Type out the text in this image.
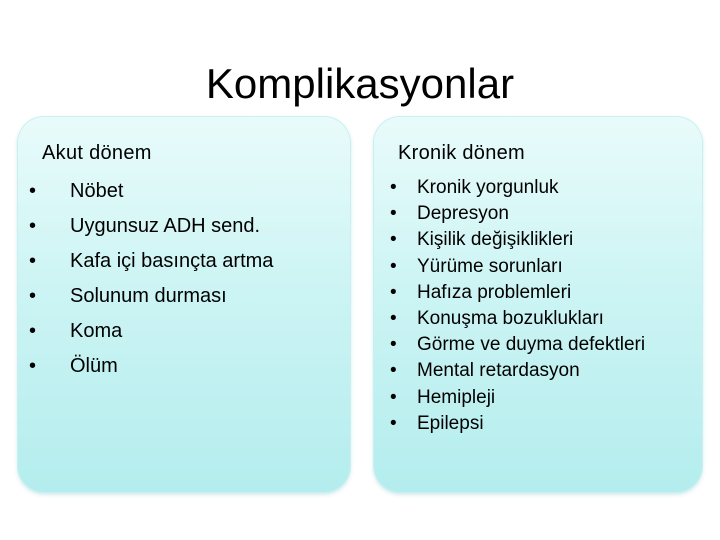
Komplikasyonlar
Akut dönem
•	Nöbet
•	Uygunsuz ADH send.
•	Kafa içi basınçta artma
•	Solunum durması
•	Koma
•	Ölüm
Kronik dönem
•	Kronik yorgunluk
•	Depresyon
•	Kişilik değişiklikleri
•	Yürüme sorunları
•	Hafıza problemleri
•	Konuşma bozuklukları
•	Görme ve duyma defektleri
•	Mental retardasyon
•	Hemipleji
•	Epilepsi
